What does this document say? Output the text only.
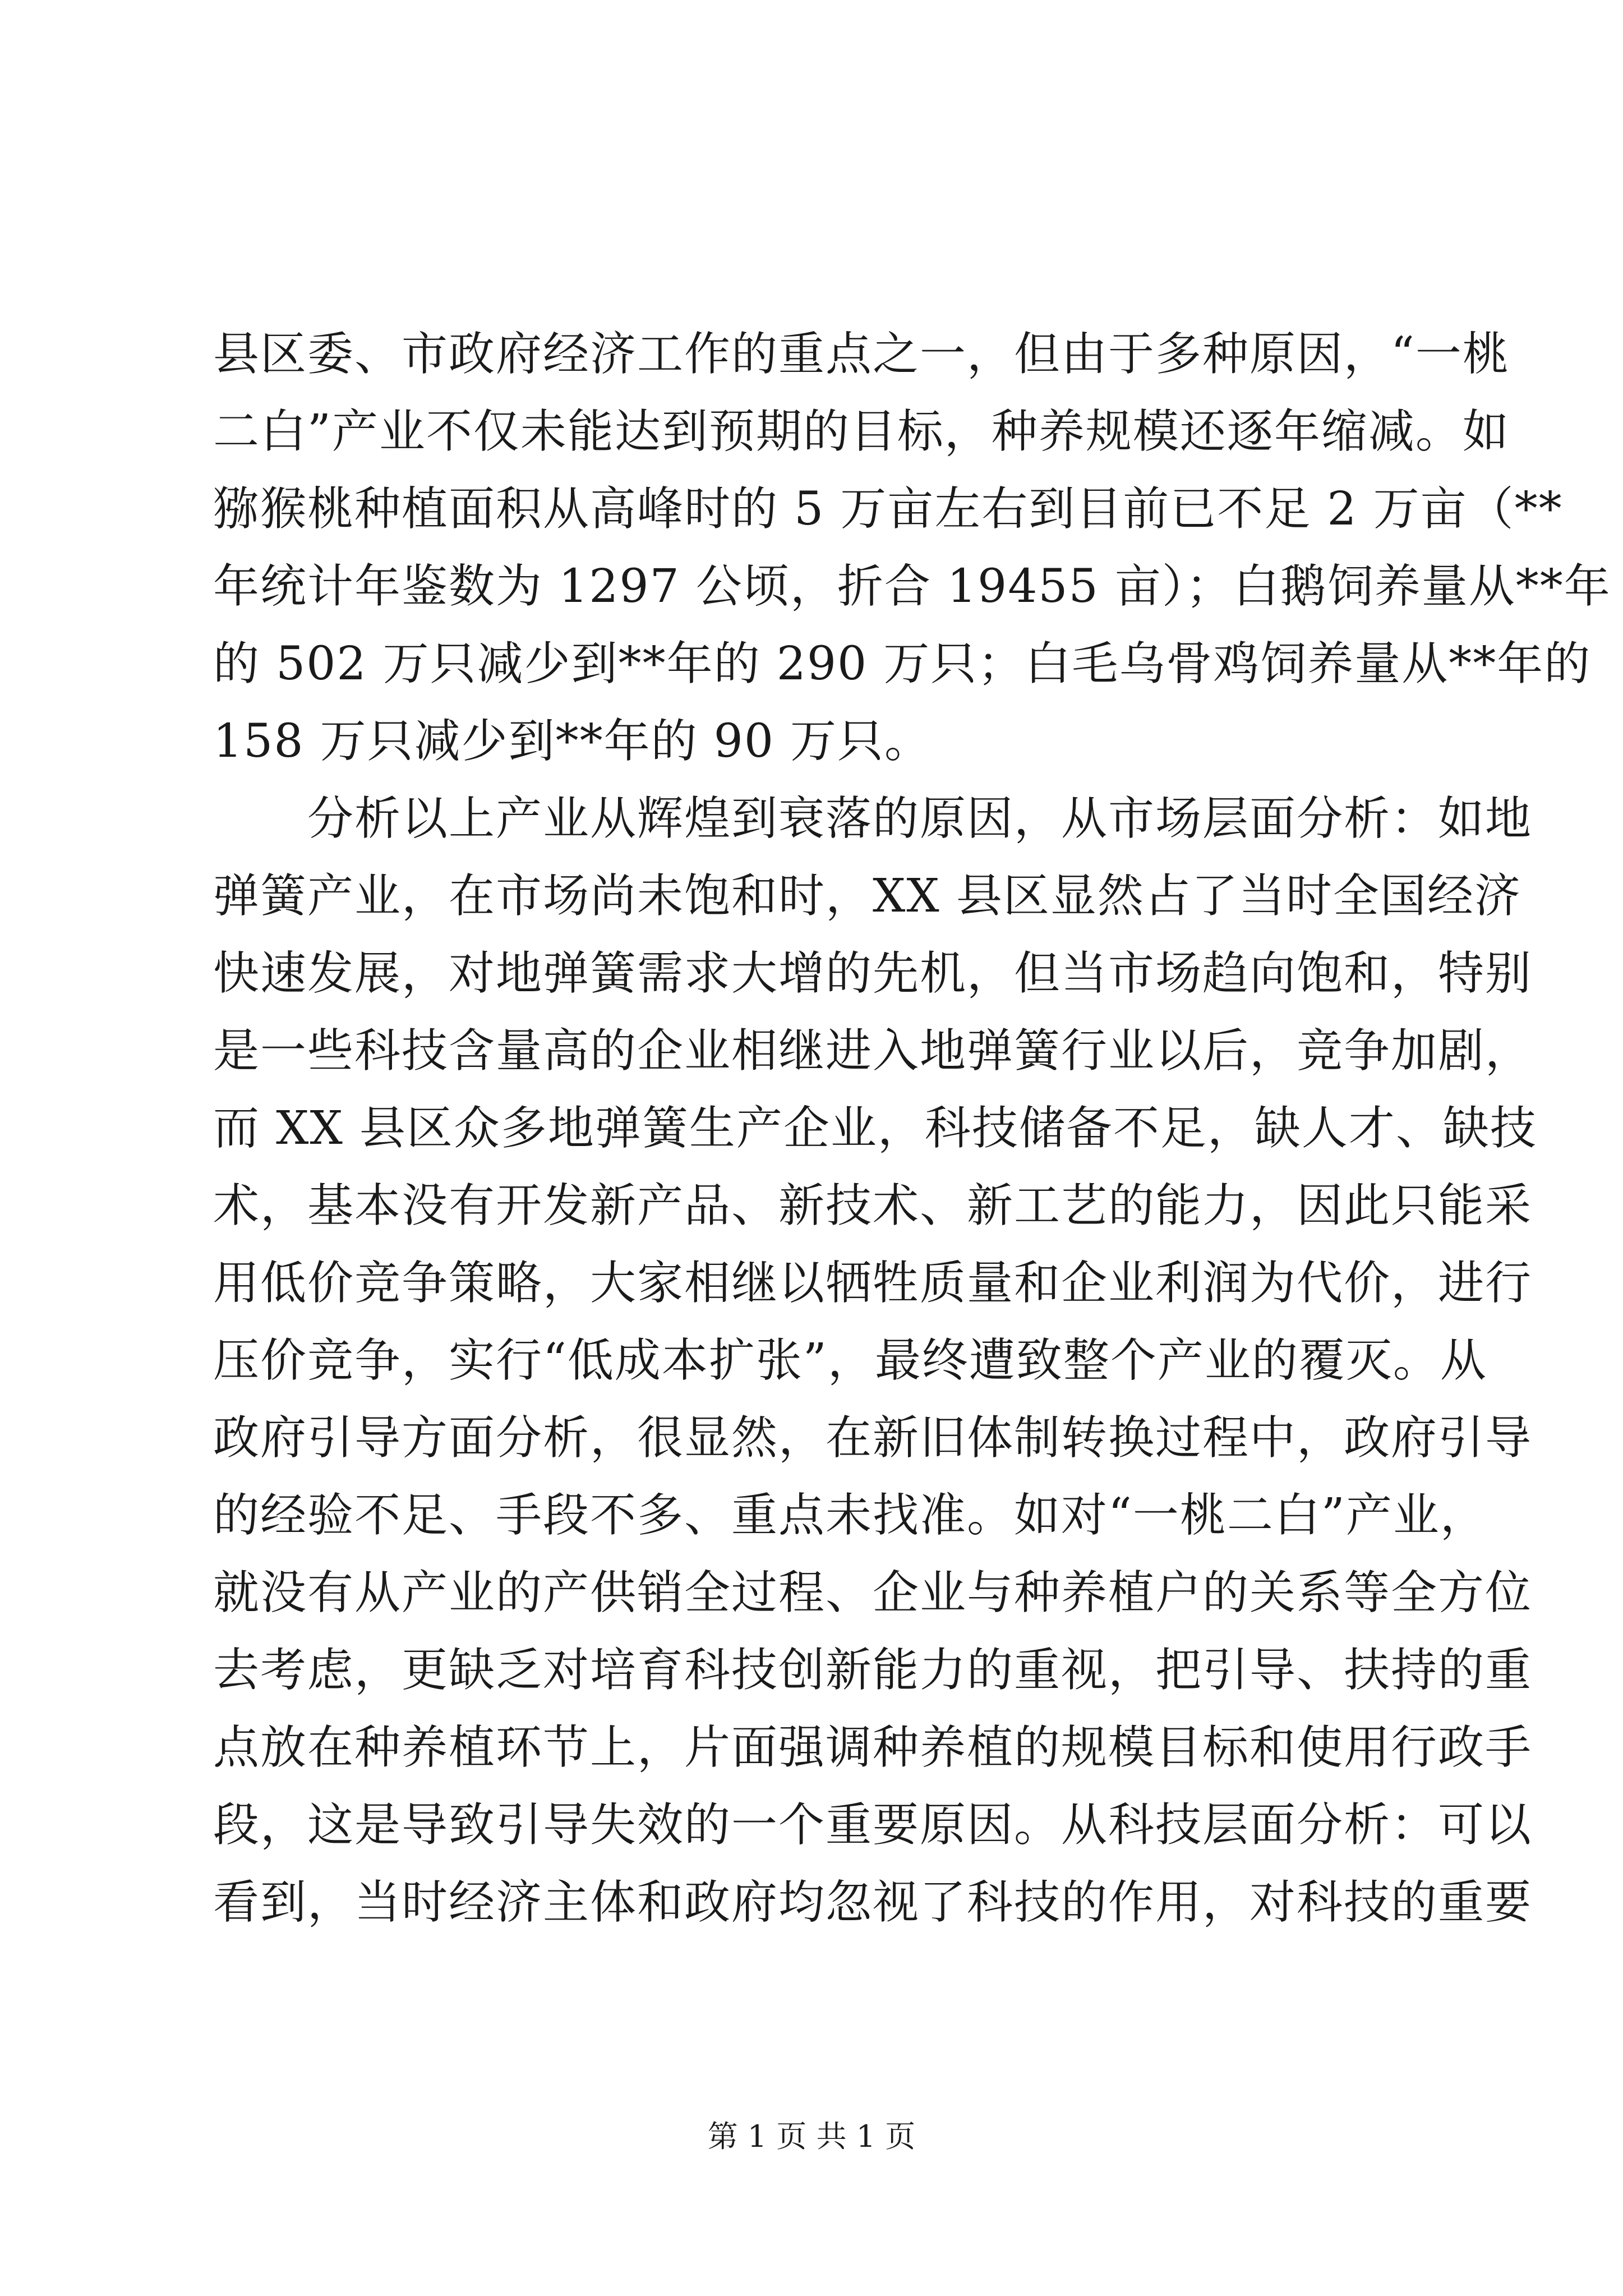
县区委、市政府经济工作的重点之一，但由于多种原因，“一桃
二白”产业不仅未能达到预期的目标，种养规模还逐年缩减。如
猕猴桃种植面积从高峰时的 5 万亩左右到目前已不足 2 万亩（**
年统计年鉴数为 1297 公顷，折合 19455 亩）；白鹅饲养量从**年
的 502 万只减少到**年的 290 万只；白毛乌骨鸡饲养量从**年的
158 万只减少到**年的 90 万只。
分析以上产业从辉煌到衰落的原因，从市场层面分析：如地
弹簧产业，在市场尚未饱和时，XX 县区显然占了当时全国经济
快速发展，对地弹簧需求大增的先机，但当市场趋向饱和，特别
是一些科技含量高的企业相继进入地弹簧行业以后，竞争加剧，
而 XX 县区众多地弹簧生产企业，科技储备不足，缺人才、缺技
术，基本没有开发新产品、新技术、新工艺的能力，因此只能采
用低价竞争策略，大家相继以牺牲质量和企业利润为代价，进行
压价竞争，实行“低成本扩张”，最终遭致整个产业的覆灭。从
政府引导方面分析，很显然，在新旧体制转换过程中，政府引导
的经验不足、手段不多、重点未找准。如对“一桃二白”产业，
就没有从产业的产供销全过程、企业与种养植户的关系等全方位
去考虑，更缺乏对培育科技创新能力的重视，把引导、扶持的重
点放在种养植环节上，片面强调种养植的规模目标和使用行政手
段，这是导致引导失效的一个重要原因。从科技层面分析：可以
看到，当时经济主体和政府均忽视了科技的作用，对科技的重要
第 1 页 共 1 页
